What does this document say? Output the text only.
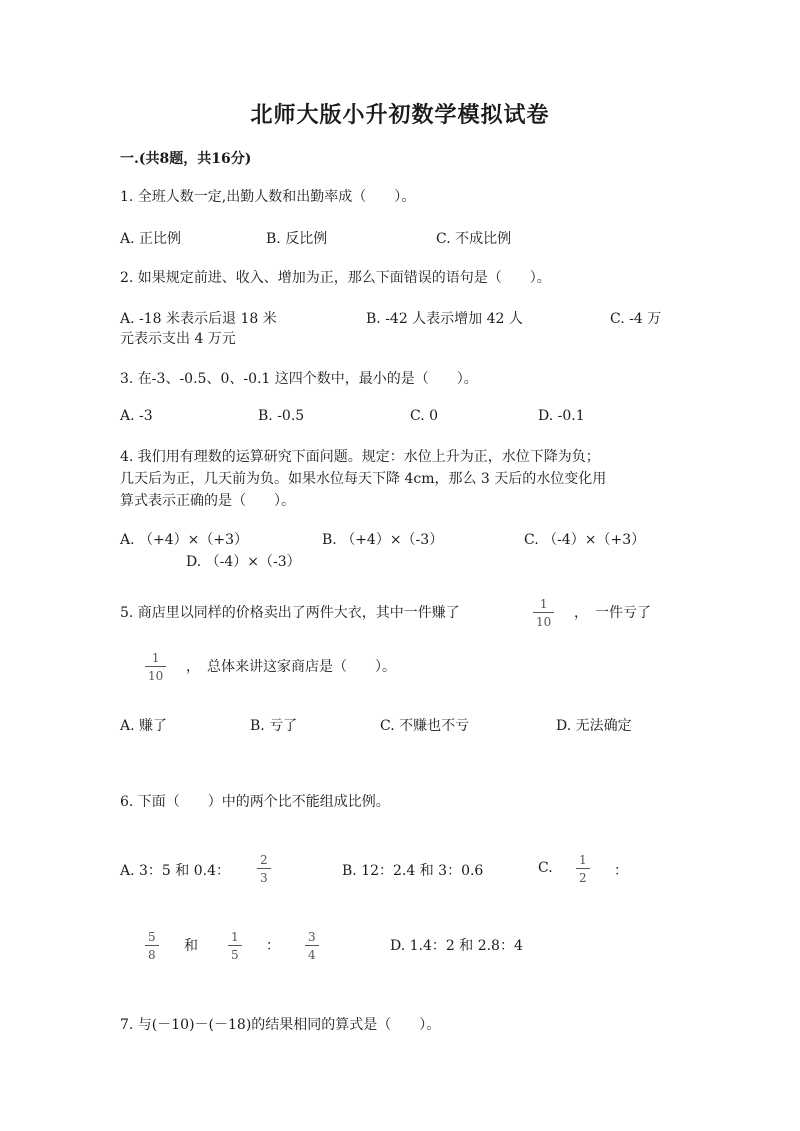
北师大版小升初数学模拟试卷
一.(共8题，共16分)
1. 全班人数一定,出勤人数和出勤率成（　　）。
A. 正比例	B. 反比例	C. 不成比例
2. 如果规定前进、收入、增加为正，那么下面错误的语句是（　　）。
A. -18 米表示后退 18 米	B. -42 人表示增加 42 人	C. -4 万
元表示支出 4 万元
3. 在-3、-0.5、0、-0.1 这四个数中，最小的是（　　）。
A. -3	B. -0.5	C. 0	D. -0.1
4. 我们用有理数的运算研究下面问题。规定：水位上升为正，水位下降为负；
几天后为正，几天前为负。如果水位每天下降 4cm，那么 3 天后的水位变化用
算式表示正确的是（　　）。
A. （+4）×（+3）	B. （+4）×（-3）	C. （-4）×（+3）
D. （-4）×（-3）
5. 商店里以同样的价格卖出了两件大衣，其中一件赚了
1
10
，　一件亏了
1
10
，　总体来讲这家商店是（　　）。
A. 赚了	B. 亏了	C. 不赚也不亏	D. 无法确定
6. 下面（　　）中的两个比不能组成比例。
A. 3：5 和 0.4：
2
3	B. 12：2.4 和 3：0.6	C. 1
2 ：
5
8
和
1
5
：
3
4
D. 1.4：2 和 2.8：4
7. 与(－10)－(－18)的结果相同的算式是（　　）。
